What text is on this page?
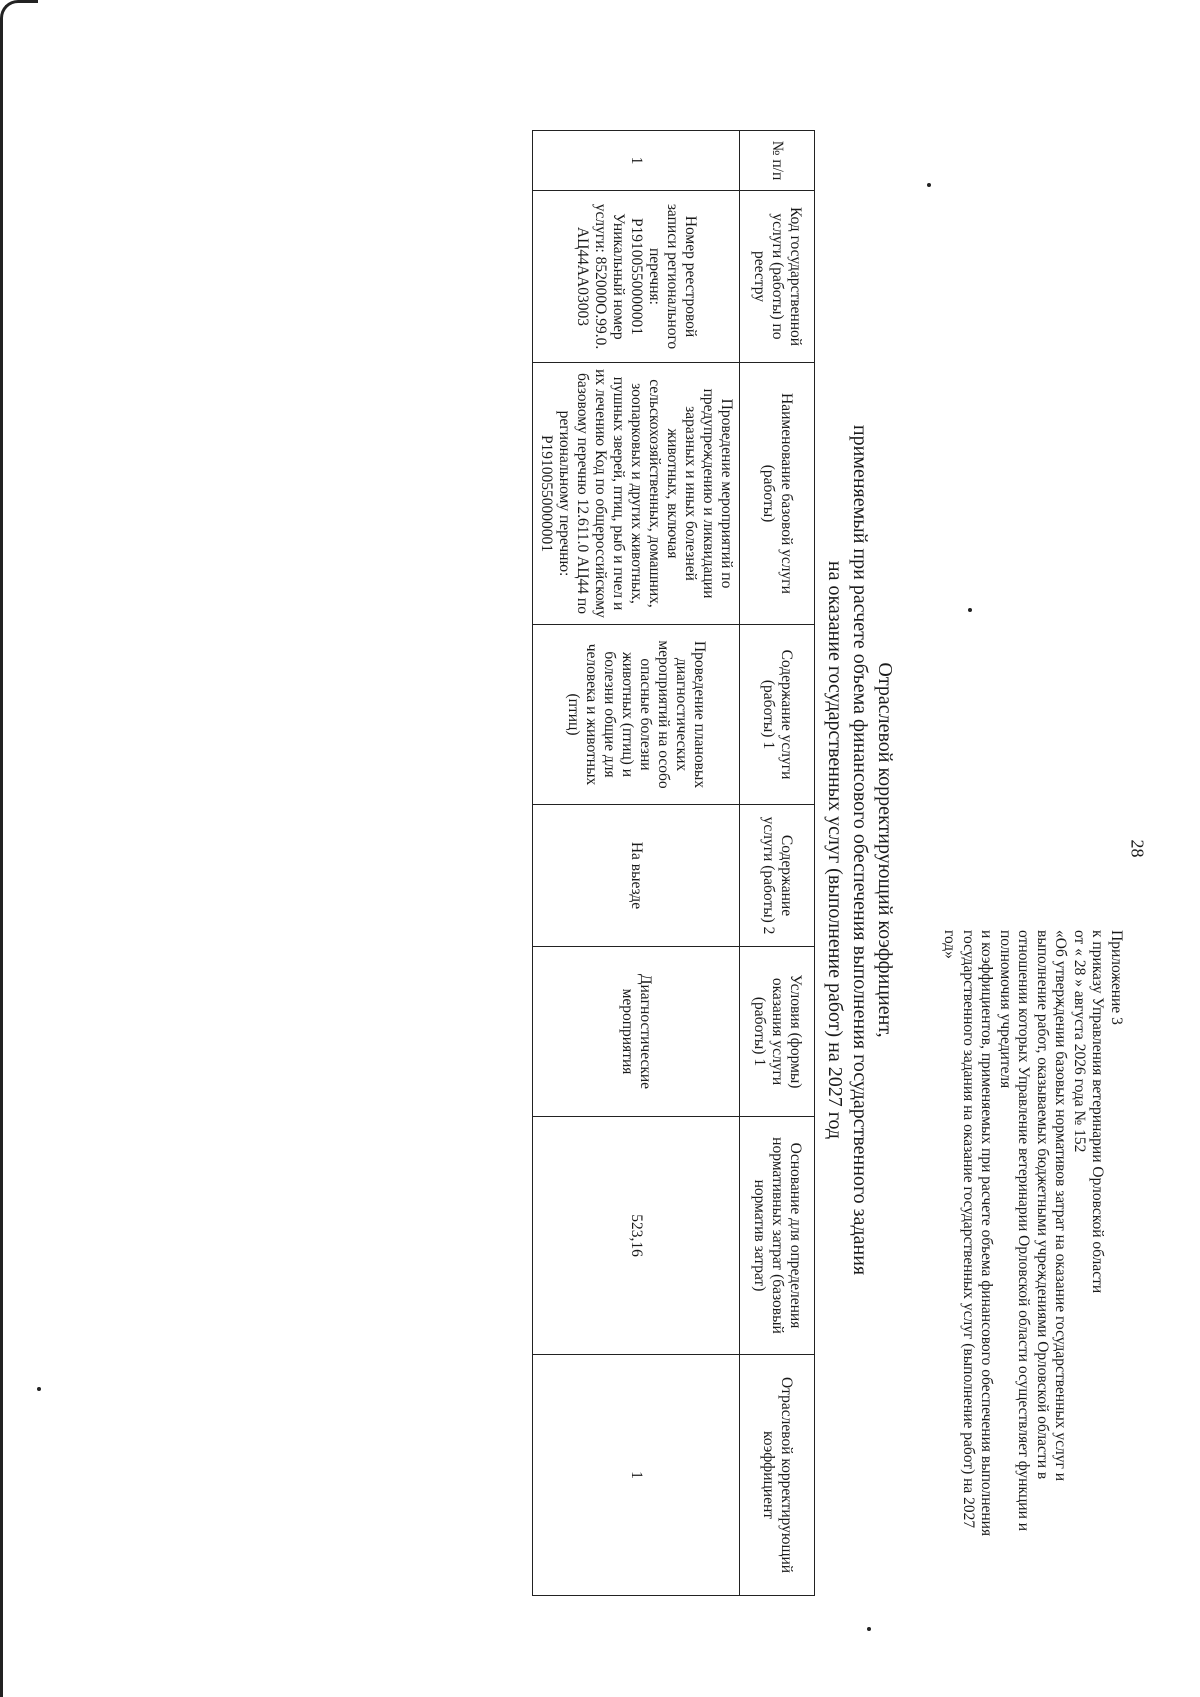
28
Приложение 3
к приказу Управления ветеринарии Орловской области
от « 28 » августа 2026 года № 152
«Об утверждении базовых нормативов затрат на оказание государственных услуг и выполнение работ, оказываемых бюджетными учреждениями Орловской области в отношении которых Управление ветеринарии Орловской области осуществляет функции и полномочия учредителя
и коэффициентов, применяемых при расчете объема финансового обеспечения выполнения государственного задания на оказание государственных услуг (выполнение работ) на 2027 год»
Отраслевой корректирующий коэффициент,
применяемый при расчете объема финансового обеспечения выполнения государственного задания
на оказание государственных услуг (выполнение работ) на 2027 год
№ п/п	Код государственной услуги (работы) по реестру	Наименование базовой услуги (работы)	Содержание услуги (работы) 1	Содержание услуги (работы) 2	Условия (формы) оказания услуги (работы) 1	Основание для определения нормативных затрат (базовый норматив затрат)	Отраслевой корректирующий коэффициент
1	Номер реестровой записи регионального перечня: Р19100550000001 Уникальный номер услуги: 852000О.99.0. АЦ44АА03003	Проведение мероприятий по предупреждению и ликвидации заразных и иных болезней животных, включая сельскохозяйственных, домашних, зоопарковых и других животных, пушных зверей, птиц, рыб и пчел и их лечению Код по общероссийскому базовому перечню 12.611.0 АЦ44 по региональному перечню: Р19100550000001	Проведение плановых диагностических мероприятий на особо опасные болезни животных (птиц) и болезни общие для человека и животных (птиц)	На выезде	Диагностические мероприятия	523,16	1
